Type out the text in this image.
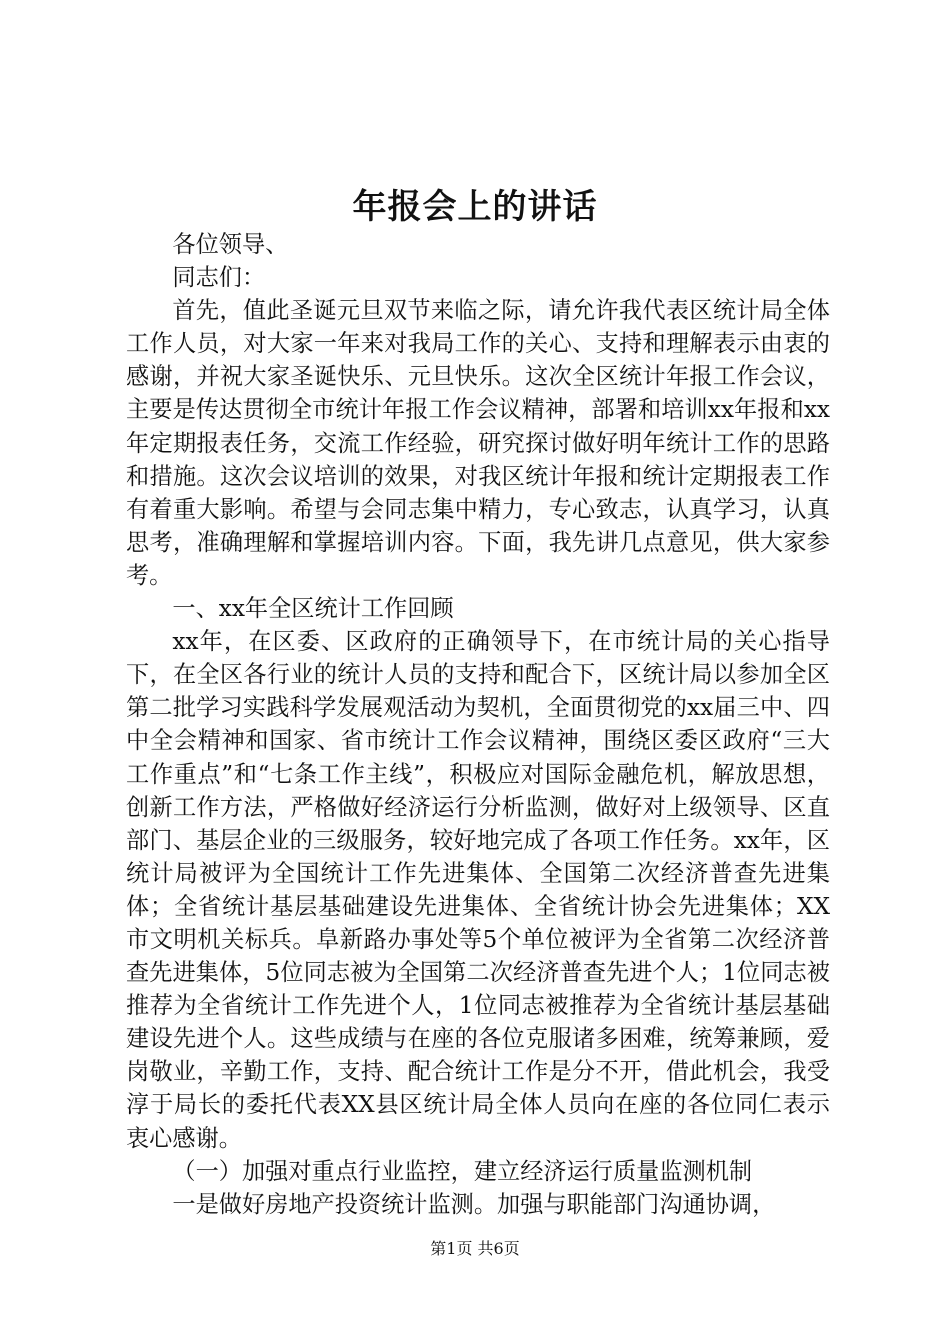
年报会上的讲话

各位领导、

同志们：

首先，值此圣诞元旦双节来临之际，请允许我代表区统计局全体工作人员，对大家一年来对我局工作的关心、支持和理解表示由衷的感谢，并祝大家圣诞快乐、元旦快乐。这次全区统计年报工作会议，主要是传达贯彻全市统计年报工作会议精神，部署和培训xx年报和xx年定期报表任务，交流工作经验，研究探讨做好明年统计工作的思路和措施。这次会议培训的效果，对我区统计年报和统计定期报表工作有着重大影响。希望与会同志集中精力，专心致志，认真学习，认真思考，准确理解和掌握培训内容。下面，我先讲几点意见，供大家参考。

一、xx年全区统计工作回顾

xx年，在区委、区政府的正确领导下，在市统计局的关心指导下，在全区各行业的统计人员的支持和配合下，区统计局以参加全区第二批学习实践科学发展观活动为契机，全面贯彻党的xx届三中、四中全会精神和国家、省市统计工作会议精神，围绕区委区政府“三大工作重点”和“七条工作主线”，积极应对国际金融危机，解放思想，创新工作方法，严格做好经济运行分析监测，做好对上级领导、区直部门、基层企业的三级服务，较好地完成了各项工作任务。xx年，区统计局被评为全国统计工作先进集体、全国第二次经济普查先进集体；全省统计基层基础建设先进集体、全省统计协会先进集体；XX市文明机关标兵。阜新路办事处等5个单位被评为全省第二次经济普查先进集体，5位同志被为全国第二次经济普查先进个人；1位同志被推荐为全省统计工作先进个人，1位同志被推荐为全省统计基层基础建设先进个人。这些成绩与在座的各位克服诸多困难，统筹兼顾，爱岗敬业，辛勤工作，支持、配合统计工作是分不开，借此机会，我受淳于局长的委托代表XX县区统计局全体人员向在座的各位同仁表示衷心感谢。

（一）加强对重点行业监控，建立经济运行质量监测机制

一是做好房地产投资统计监测。加强与职能部门沟通协调，

第1页 共6页
